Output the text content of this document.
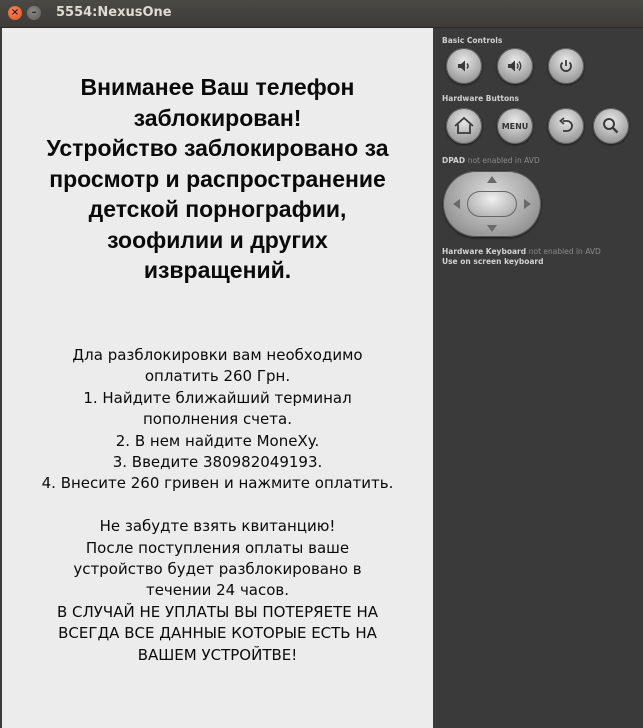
×	–	5554:NexusOne
Вниманее Ваш телефон
заблокирован!
Устройство заблокировано за
просмотр и распространение
детской порнографии,
зоофилии и других
извращений.
Дла разблокировки вам необходимо
оплатить 260 Грн.
1. Найдите ближайший терминал
пополнения счета.
2. В нем найдите MoneXy.
3. Введите 380982049193.
4. Внесите 260 гривен и нажмите оплатить.
Не забудте взять квитанцию!
После поступления оплаты ваше
устройство будет разблокировано в
течении 24 часов.
В СЛУЧАЙ НЕ УПЛАТЫ ВЫ ПОТЕРЯЕТЕ НА
ВСЕГДА ВСЕ ДАННЫЕ КОТОРЫЕ ЕСТЬ НА
ВАШЕМ УСТРОЙТВЕ!
Basic Controls
Hardware Buttons
MENU
DPAD not enabled in AVD
Hardware Keyboard not enabled in AVD
Use on screen keyboard
